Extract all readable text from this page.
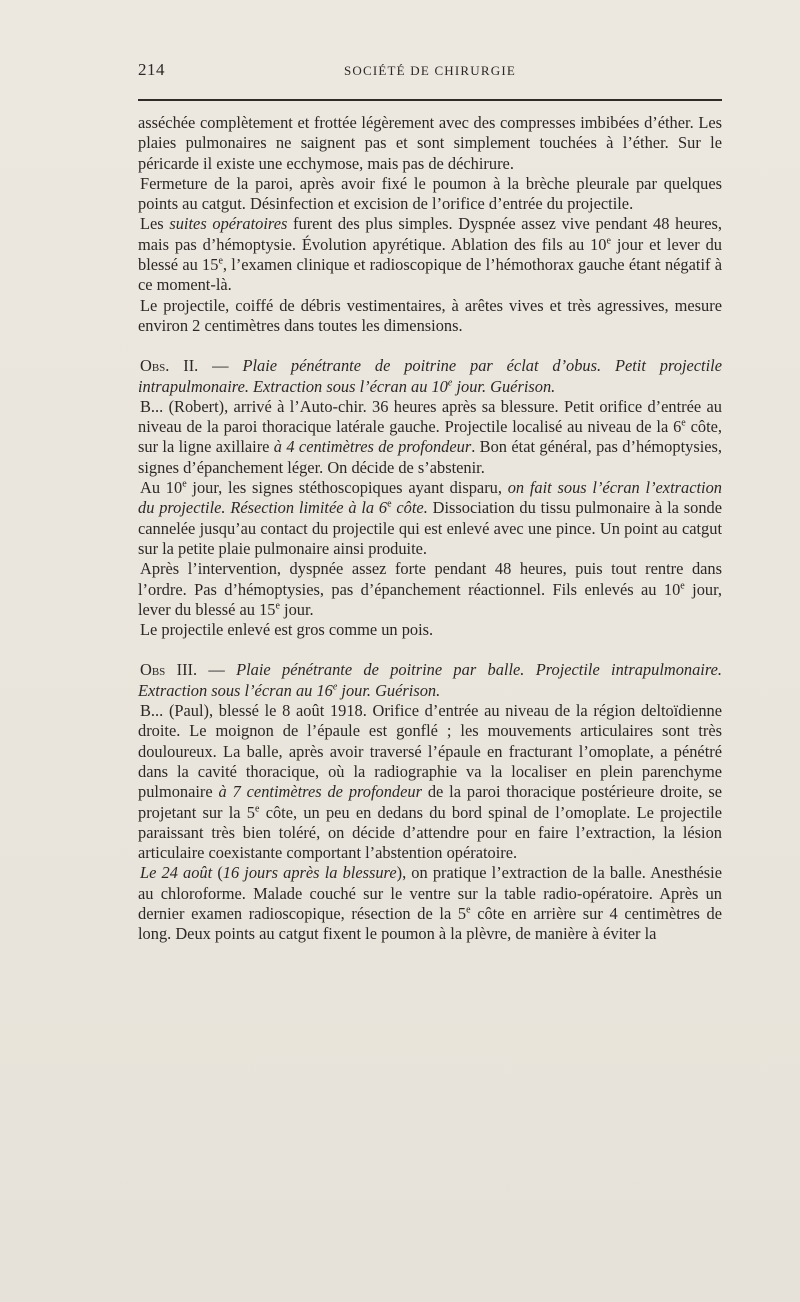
214	SOCIÉTÉ DE CHIRURGIE

asséchée complètement et frottée légèrement avec des compresses imbibées d’éther. Les plaies pulmonaires ne saignent pas et sont simplement touchées à l’éther. Sur le péricarde il existe une ecchymose, mais pas de déchirure.

Fermeture de la paroi, après avoir fixé le poumon à la brèche pleurale par quelques points au catgut. Désinfection et excision de l’orifice d’entrée du projectile.

Les suites opératoires furent des plus simples. Dyspnée assez vive pendant 48 heures, mais pas d’hémoptysie. Évolution apyrétique. Ablation des fils au 10e jour et lever du blessé au 15e, l’examen clinique et radioscopique de l’hémothorax gauche étant négatif à ce moment-là.

Le projectile, coiffé de débris vestimentaires, à arêtes vives et très agressives, mesure environ 2 centimètres dans toutes les dimensions.

Obs. II. — Plaie pénétrante de poitrine par éclat d’obus. Petit projectile intrapulmonaire. Extraction sous l’écran au 10e jour. Guérison.

B... (Robert), arrivé à l’Auto-chir. 36 heures après sa blessure. Petit orifice d’entrée au niveau de la paroi thoracique latérale gauche. Projectile localisé au niveau de la 6e côte, sur la ligne axillaire à 4 centimètres de profondeur. Bon état général, pas d’hémoptysies, signes d’épanchement léger. On décide de s’abstenir.

Au 10e jour, les signes stéthoscopiques ayant disparu, on fait sous l’écran l’extraction du projectile. Résection limitée à la 6e côte. Dissociation du tissu pulmonaire à la sonde cannelée jusqu’au contact du projectile qui est enlevé avec une pince. Un point au catgut sur la petite plaie pulmonaire ainsi produite.

Après l’intervention, dyspnée assez forte pendant 48 heures, puis tout rentre dans l’ordre. Pas d’hémoptysies, pas d’épanchement réactionnel. Fils enlevés au 10e jour, lever du blessé au 15e jour.

Le projectile enlevé est gros comme un pois.

Obs III. — Plaie pénétrante de poitrine par balle. Projectile intrapulmonaire. Extraction sous l’écran au 16e jour. Guérison.

B... (Paul), blessé le 8 août 1918. Orifice d’entrée au niveau de la région deltoïdienne droite. Le moignon de l’épaule est gonflé ; les mouvements articulaires sont très douloureux. La balle, après avoir traversé l’épaule en fracturant l’omoplate, a pénétré dans la cavité thoracique, où la radiographie va la localiser en plein parenchyme pulmonaire à 7 centimètres de profondeur de la paroi thoracique postérieure droite, se projetant sur la 5e côte, un peu en dedans du bord spinal de l’omoplate. Le projectile paraissant très bien toléré, on décide d’attendre pour en faire l’extraction, la lésion articulaire coexistante comportant l’abstention opératoire.

Le 24 août (16 jours après la blessure), on pratique l’extraction de la balle. Anesthésie au chloroforme. Malade couché sur le ventre sur la table radio-opératoire. Après un dernier examen radioscopique, résection de la 5e côte en arrière sur 4 centimètres de long. Deux points au catgut fixent le poumon à la plèvre, de manière à éviter la
